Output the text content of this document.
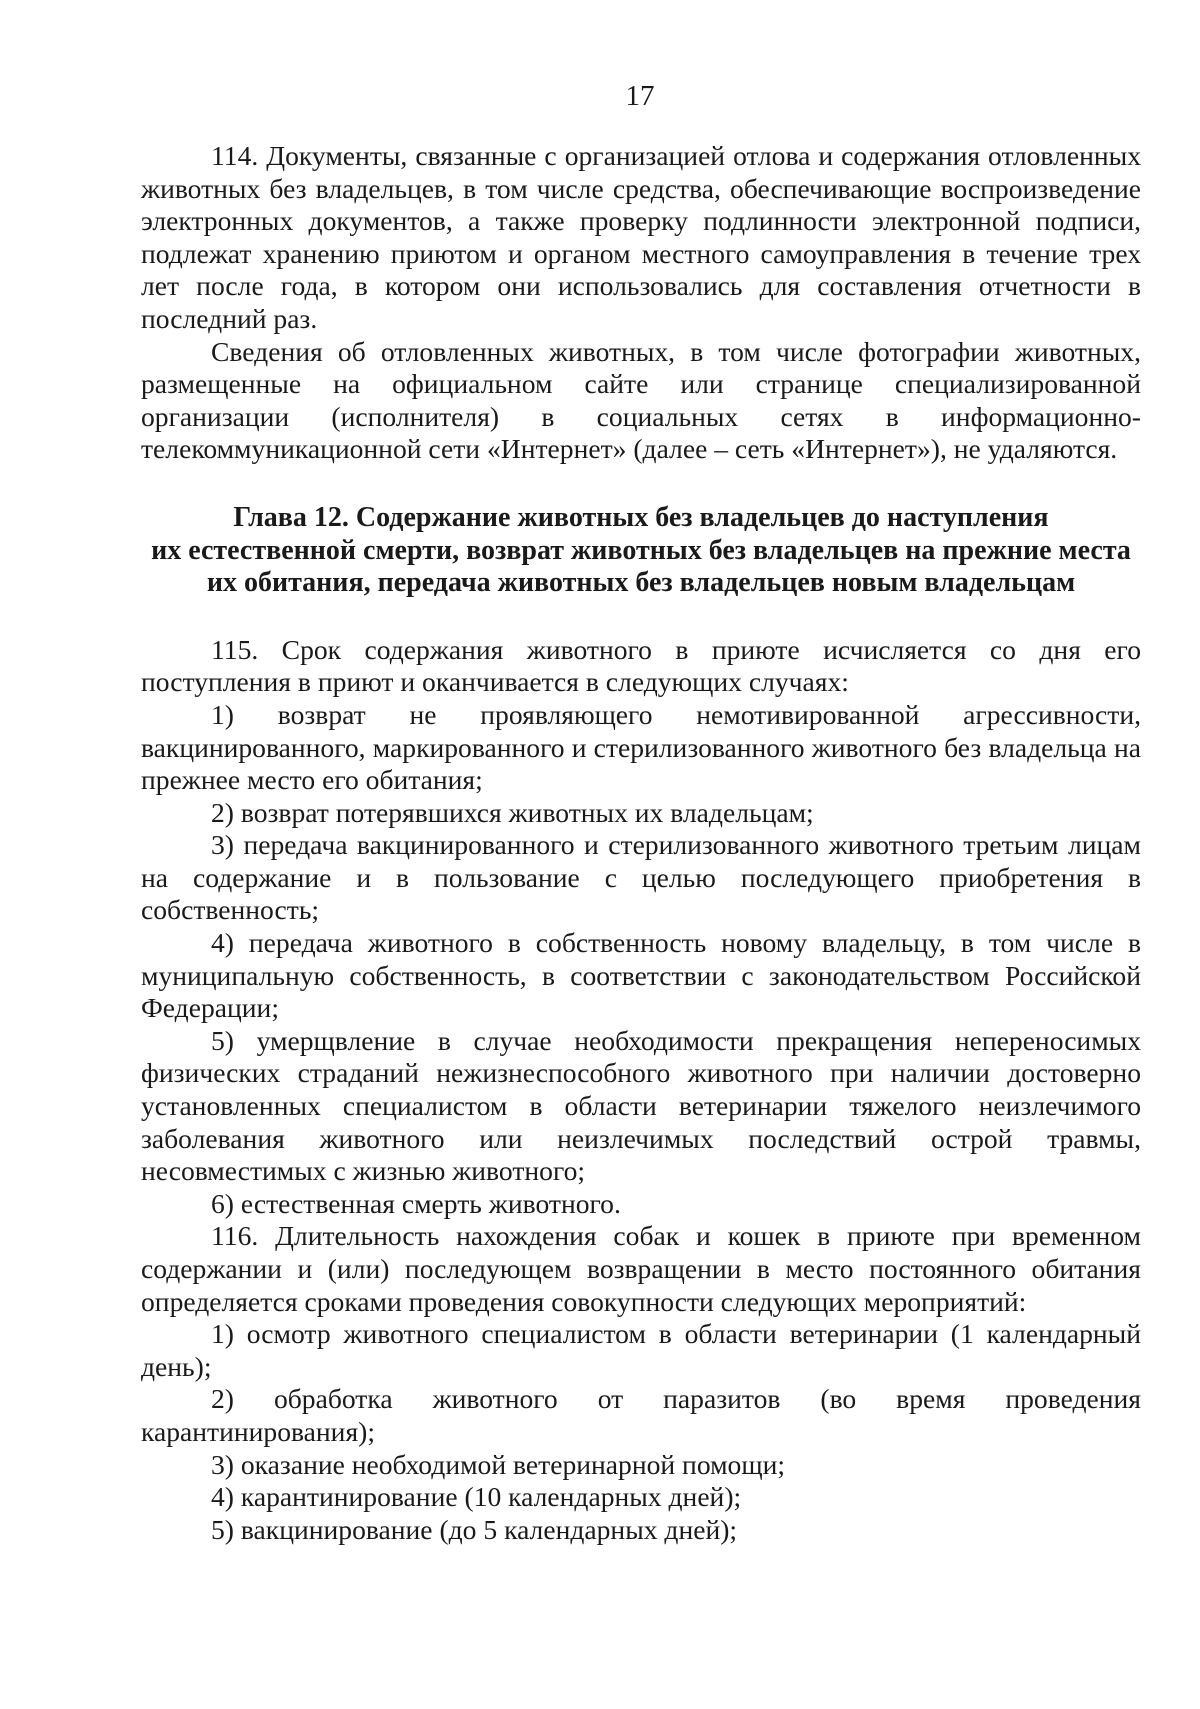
17

114. Документы, связанные с организацией отлова и содержания отловленных животных без владельцев, в том числе средства, обеспечивающие воспроизведение электронных документов, а также проверку подлинности электронной подписи, подлежат хранению приютом и органом местного самоуправления в течение трех лет после года, в котором они использовались для составления отчетности в последний раз.

Сведения об отловленных животных, в том числе фотографии животных, размещенные на официальном сайте или странице специализированной организации (исполнителя) в социальных сетях в информационно-телекоммуникационной сети «Интернет» (далее – сеть «Интернет»), не удаляются.

Глава 12. Содержание животных без владельцев до наступления
их естественной смерти, возврат животных без владельцев на прежние места
их обитания, передача животных без владельцев новым владельцам

115. Срок содержания животного в приюте исчисляется со дня его поступления в приют и оканчивается в следующих случаях:

1) возврат не проявляющего немотивированной агрессивности, вакцинированного, маркированного и стерилизованного животного без владельца на прежнее место его обитания;

2) возврат потерявшихся животных их владельцам;

3) передача вакцинированного и стерилизованного животного третьим лицам на содержание и в пользование с целью последующего приобретения в собственность;

4) передача животного в собственность новому владельцу, в том числе в муниципальную собственность, в соответствии с законодательством Российской Федерации;

5) умерщвление в случае необходимости прекращения непереносимых физических страданий нежизнеспособного животного при наличии достоверно установленных специалистом в области ветеринарии тяжелого неизлечимого заболевания животного или неизлечимых последствий острой травмы, несовместимых с жизнью животного;

6) естественная смерть животного.

116. Длительность нахождения собак и кошек в приюте при временном содержании и (или) последующем возвращении в место постоянного обитания определяется сроками проведения совокупности следующих мероприятий:

1) осмотр животного специалистом в области ветеринарии (1 календарный день);

2) обработка животного от паразитов (во время проведения карантинирования);

3) оказание необходимой ветеринарной помощи;

4) карантинирование (10 календарных дней);

5) вакцинирование (до 5 календарных дней);
